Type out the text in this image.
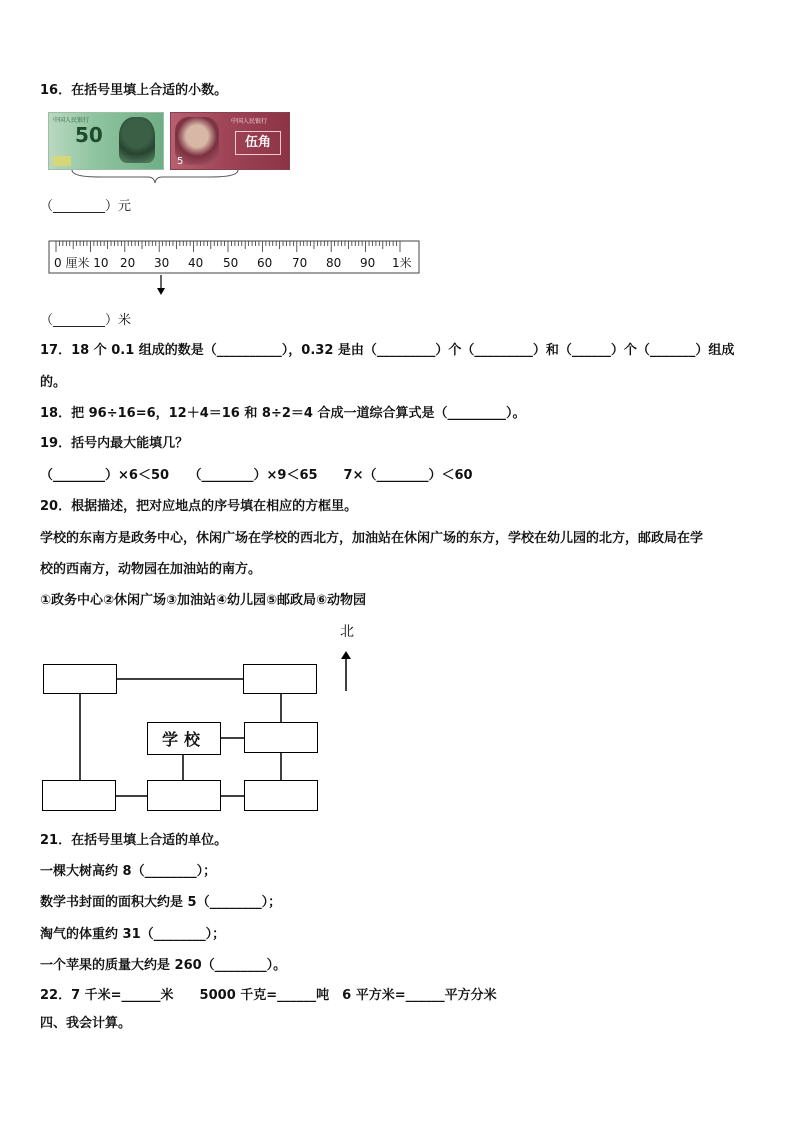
16．在括号里填上合适的小数。
中国人民银行
50
中国人民银行
伍角
5
（________）元
0 厘米 10 20 30 40 50 60 70 80 90 1米
（________）米
17．18 个 0.1 组成的数是（__________），0.32 是由（_________）个（_________）和（______）个（_______）组成
的。
18．把 96÷16=6，12＋4＝16 和 8÷2＝4 合成一道综合算式是（_________）。
19．括号内最大能填几？
（________）×6＜50　　（________）×9＜65　　7×（________）＜60
20．根据描述，把对应地点的序号填在相应的方框里。
学校的东南方是政务中心，休闲广场在学校的西北方，加油站在休闲广场的东方，学校在幼儿园的北方，邮政局在学
校的西南方，动物园在加油站的南方。
①政务中心②休闲广场③加油站④幼儿园⑤邮政局⑥动物园
学校
北
21．在括号里填上合适的单位。
一棵大树高约 8（________）；
数学书封面的面积大约是 5（________）；
淘气的体重约 31（________）；
一个苹果的质量大约是 260（________）。
22．7 千米=______米　　5000 千克=______吨　6 平方米=______平方分米
四、我会计算。
